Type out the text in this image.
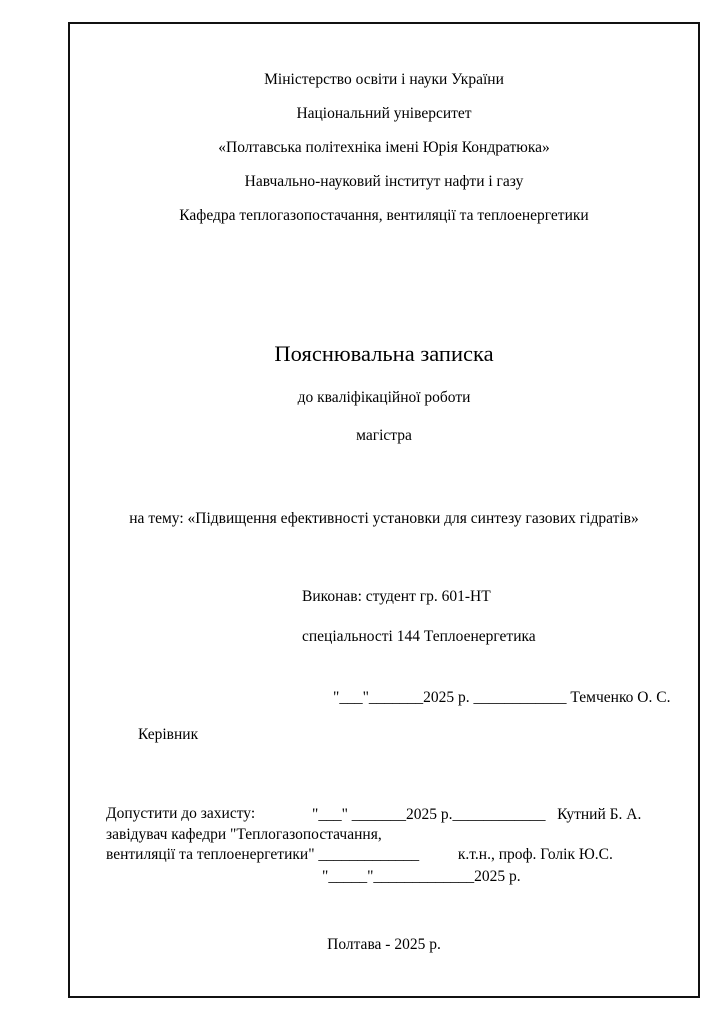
Міністерство освіти і науки України
Національний університет
«Полтавська політехніка імені Юрія Кондратюка»
Навчально-науковий інститут нафти і газу
Кафедра теплогазопостачання, вентиляції та теплоенергетики
Пояснювальна записка
до кваліфікаційної роботи
магістра
на тему: «Підвищення ефективності установки для синтезу газових гідратів»
Виконав: студент гр. 601-НТ
спеціальності 144 Теплоенергетика

"___"_______2025 р. ____________ Темченко О. С.

Керівник

"___" _______2025 р.____________   Кутний Б. А.
Допустити до захисту:
завідувач кафедри "Теплогазопостачання,
вентиляції та теплоенергетики" _____________          к.т.н., проф. Голік Ю.С.
"_____"_____________2025 р.
Полтава - 2025 р.
